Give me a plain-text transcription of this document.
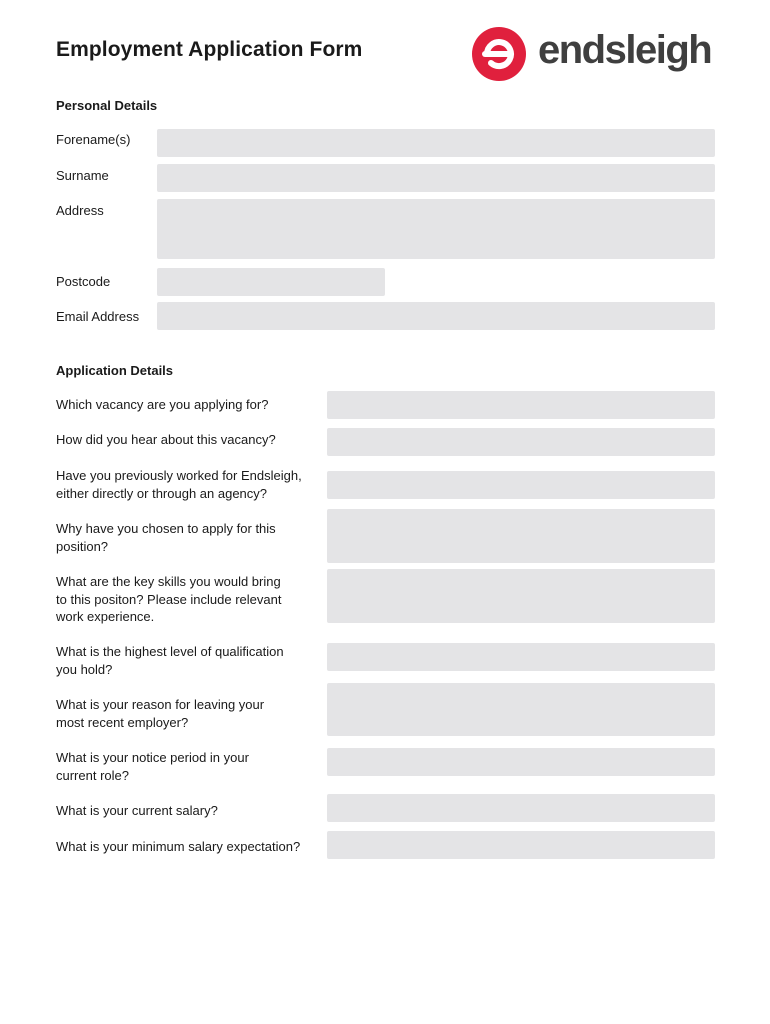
Employment Application Form	endsleigh
Personal Details
Forename(s)
Surname
Address
Postcode
Email Address
Application Details
Which vacancy are you applying for?
How did you hear about this vacancy?
Have you previously worked for Endsleigh,
either directly or through an agency?
Why have you chosen to apply for this
position?
What are the key skills you would bring
to this positon? Please include relevant
work experience.
What is the highest level of qualification
you hold?
What is your reason for leaving your
most recent employer?
What is your notice period in your
current role?
What is your current salary?
What is your minimum salary expectation?
